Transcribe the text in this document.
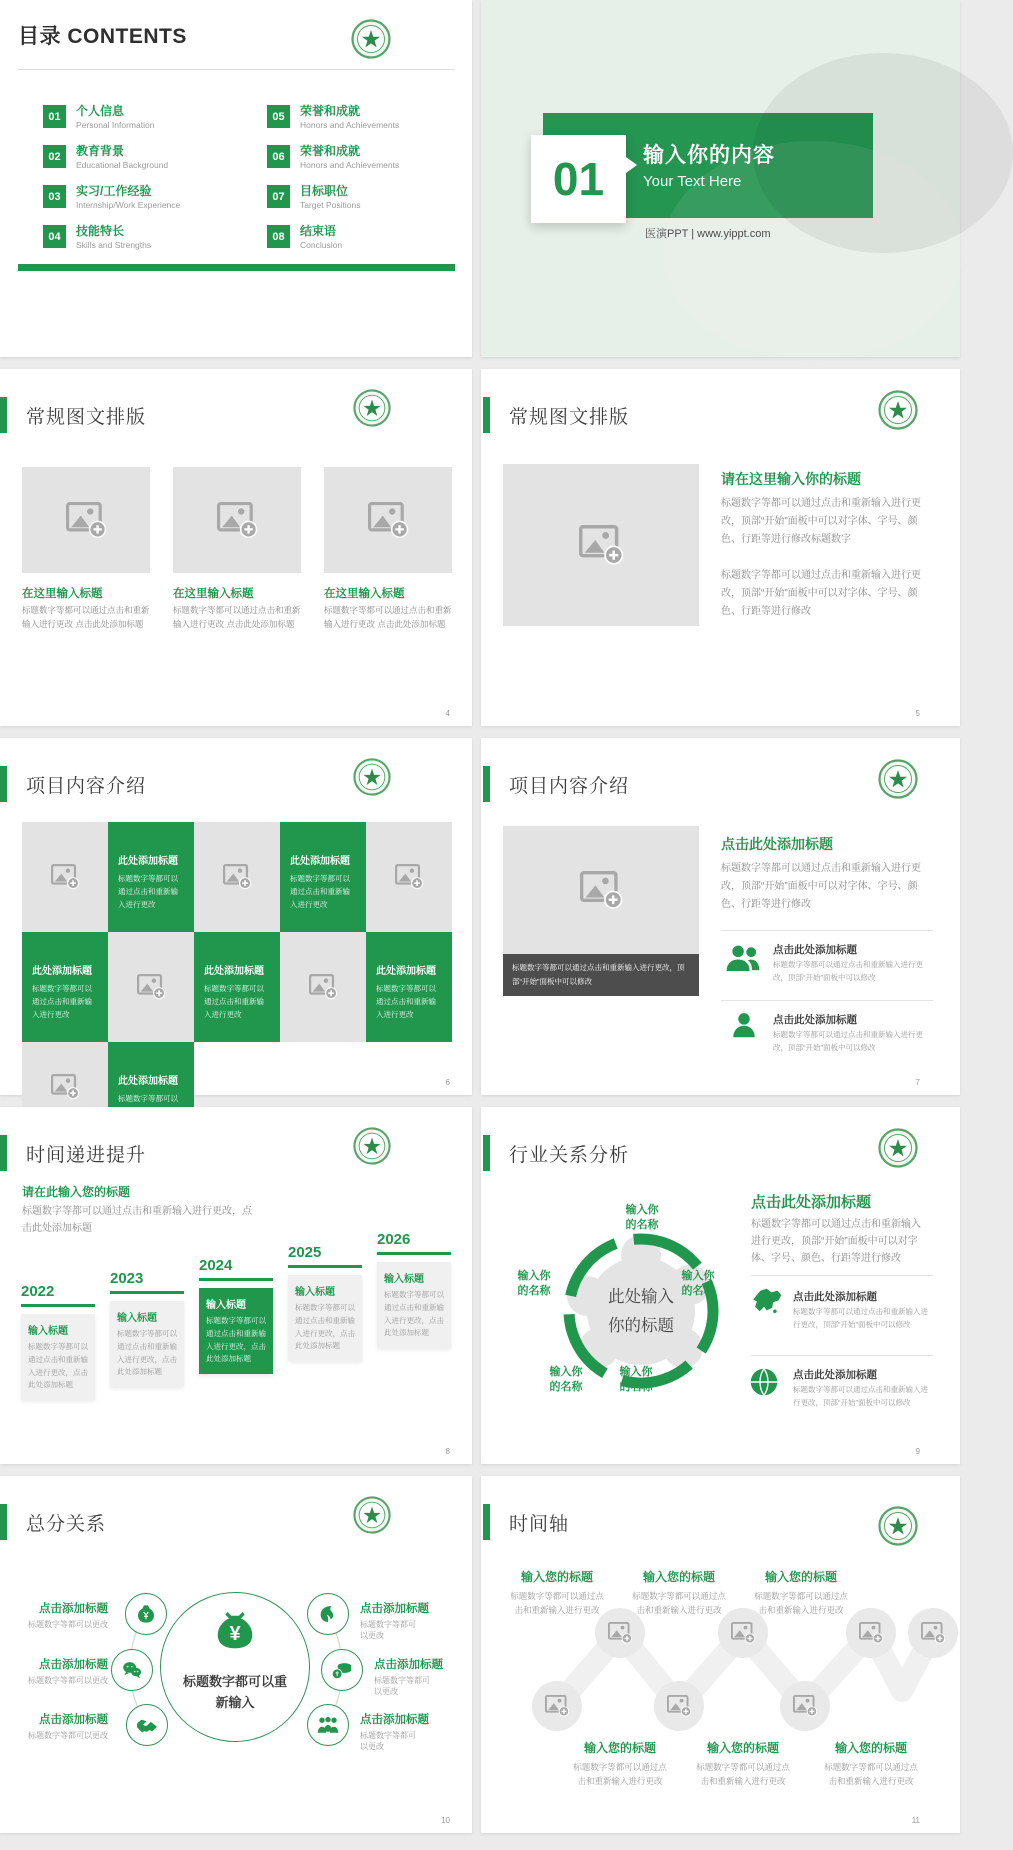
目录 CONTENTS
01	个人信息
Personal Information
02	教育背景
Educational Background
03	实习/工作经验
Internship/Work Experience
04	技能特长
Skills and Strengths
05	荣誉和成就
Honors and Achievements
06	荣誉和成就
Honors and Achievements
07	目标职位
Target Positions
08	结束语
Conclusion
输入你的内容
Your Text Here
01
医演PPT | www.yippt.com
常规图文排版
在这里输入标题	在这里输入标题	在这里输入标题
标题数字等都可以通过点击和重新输入进行更改 点击此处添加标题
标题数字等都可以通过点击和重新输入进行更改 点击此处添加标题
标题数字等都可以通过点击和重新输入进行更改 点击此处添加标题
4
常规图文排版
请在这里输入你的标题
标题数字等都可以通过点击和重新输入进行更改，顶部“开始”面板中可以对字体、字号、颜色、行距等进行修改标题数字
标题数字等都可以通过点击和重新输入进行更改，顶部“开始”面板中可以对字体、字号、颜色、行距等进行修改
5
项目内容介绍
此处添加标题
标题数字等都可以通过点击和重新输入进行更改
此处添加标题
标题数字等都可以通过点击和重新输入进行更改
此处添加标题
标题数字等都可以通过点击和重新输入进行更改
此处添加标题
标题数字等都可以通过点击和重新输入进行更改
此处添加标题
标题数字等都可以通过点击和重新输入进行更改
此处添加标题
标题数字等都可以
6
项目内容介绍
标题数字等都可以通过点击和重新输入进行更改，顶部“开始”面板中可以修改
点击此处添加标题
标题数字等都可以通过点击和重新输入进行更改，顶部“开始”面板中可以对字体、字号、颜色、行距等进行修改
点击此处添加标题
标题数字等都可以通过点击和重新输入进行更改，顶部“开始”面板中可以修改
点击此处添加标题
标题数字等都可以通过点击和重新输入进行更改，顶部“开始”面板中可以修改
7
时间递进提升
请在此输入您的标题
标题数字等都可以通过点击和重新输入进行更改，点击此处添加标题
2022
输入标题
标题数字等都可以通过点击和重新输入进行更改，点击此处添加标题
2023
输入标题
标题数字等都可以通过点击和重新输入进行更改，点击此处添加标题
2024
输入标题
标题数字等都可以通过点击和重新输入进行更改，点击此处添加标题
2025
输入标题
标题数字等都可以通过点击和重新输入进行更改，点击此处添加标题
2026
输入标题
标题数字等都可以通过点击和重新输入进行更改，点击此处添加标题
8
行业关系分析
此处输入你的标题
输入你的名称
输入你的名称
输入你的名称
输入你的名称
输入你的名称
点击此处添加标题
标题数字等都可以通过点击和重新输入进行更改，顶部“开始”面板中可以对字体、字号、颜色、行距等进行修改
点击此处添加标题
标题数字等都可以通过点击和重新输入进行更改，顶部“开始”面板中可以修改
点击此处添加标题
标题数字等都可以通过点击和重新输入进行更改，顶部“开始”面板中可以修改
9
总分关系
¥
标题数字都可以重新输入
点击添加标题
标题数字等都可以更改
点击添加标题
标题数字等都可以更改
点击添加标题
标题数字等都可以更改
点击添加标题
标题数字等都可以更改
点击添加标题
标题数字等都可以更改
点击添加标题
标题数字等都可以更改
10
时间轴
输入您的标题
标题数字等都可以通过点击和重新输入进行更改
输入您的标题
标题数字等都可以通过点击和重新输入进行更改
输入您的标题
标题数字等都可以通过点击和重新输入进行更改
输入您的标题
标题数字等都可以通过点击和重新输入进行更改
输入您的标题
标题数字等都可以通过点击和重新输入进行更改
输入您的标题
标题数字等都可以通过点击和重新输入进行更改
11
